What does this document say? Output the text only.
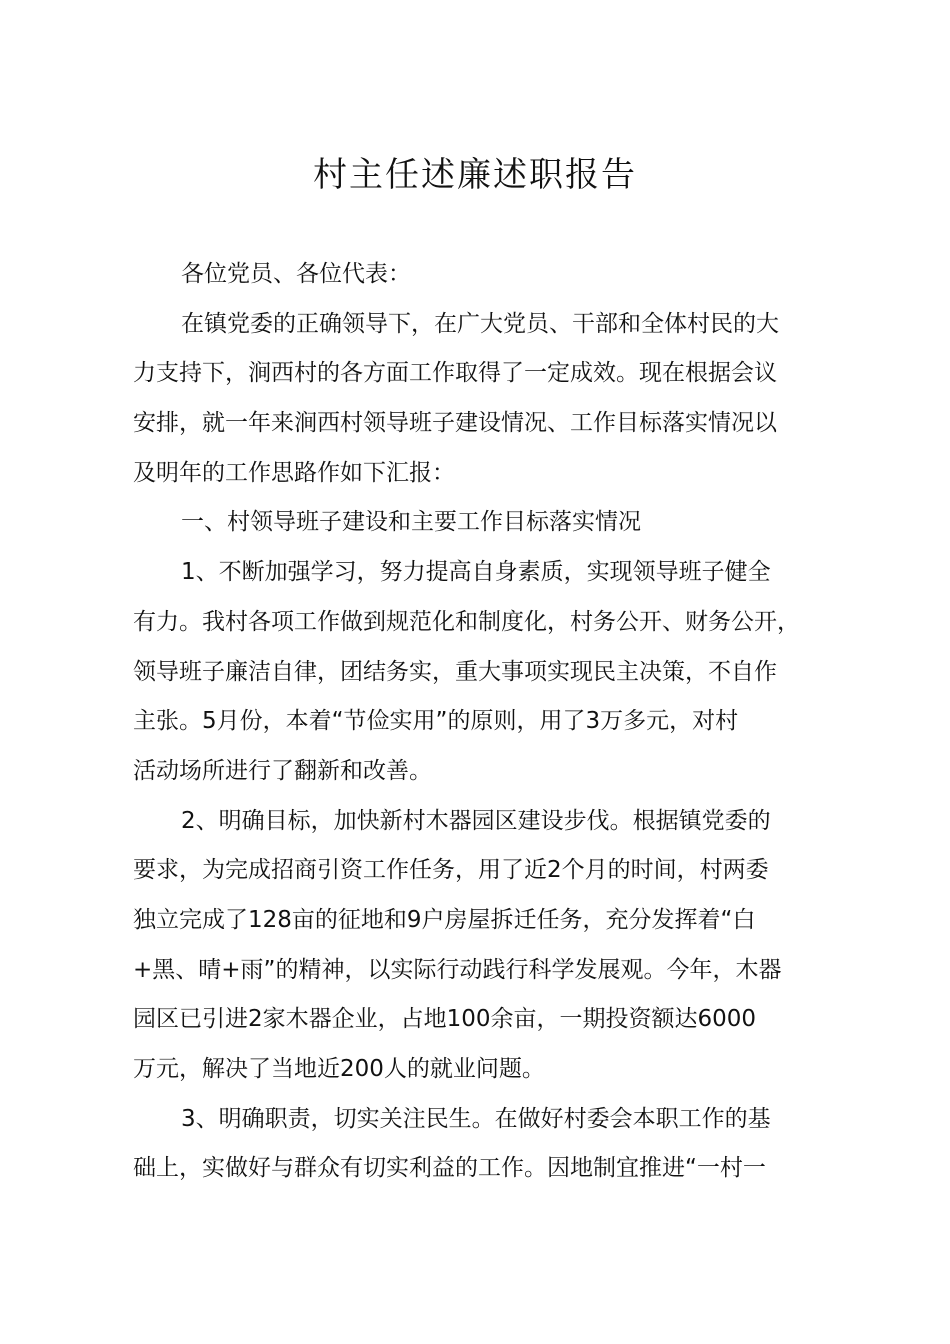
村主任述廉述职报告
各位党员、各位代表：
在镇党委的正确领导下，在广大党员、干部和全体村民的大
力支持下，涧西村的各方面工作取得了一定成效。现在根据会议
安排，就一年来涧西村领导班子建设情况、工作目标落实情况以
及明年的工作思路作如下汇报：
一、村领导班子建设和主要工作目标落实情况
1、不断加强学习，努力提高自身素质，实现领导班子健全
有力。我村各项工作做到规范化和制度化，村务公开、财务公开，
领导班子廉洁自律，团结务实，重大事项实现民主决策，不自作
主张。5月份，本着“节俭实用”的原则，用了3万多元，对村
活动场所进行了翻新和改善。
2、明确目标，加快新村木器园区建设步伐。根据镇党委的
要求，为完成招商引资工作任务，用了近2个月的时间，村两委
独立完成了128亩的征地和9户房屋拆迁任务，充分发挥着“白
+黑、晴+雨”的精神，以实际行动践行科学发展观。今年，木器
园区已引进2家木器企业，占地100余亩，一期投资额达6000
万元，解决了当地近200人的就业问题。
3、明确职责，切实关注民生。在做好村委会本职工作的基
础上，实做好与群众有切实利益的工作。因地制宜推进“一村一
